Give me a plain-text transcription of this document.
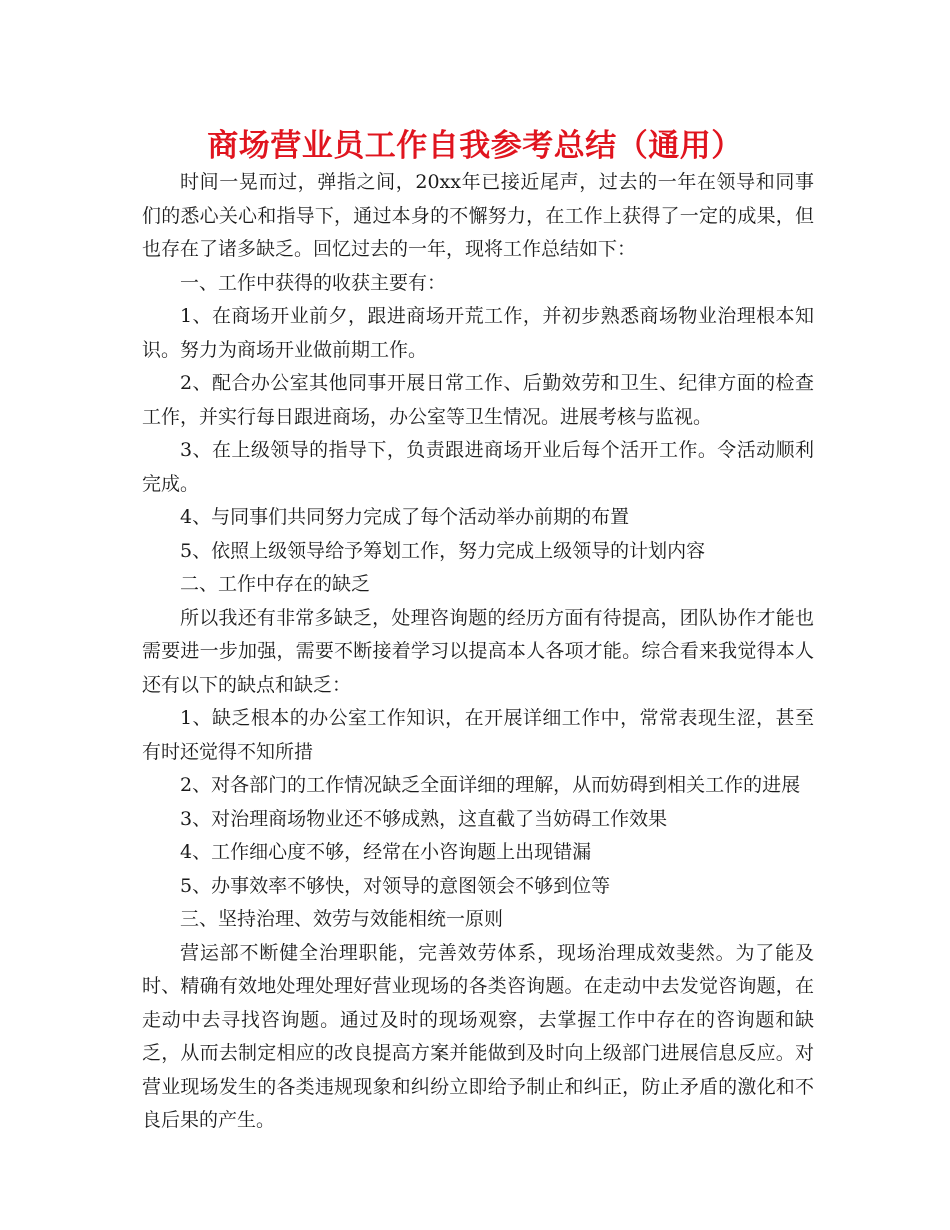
商场营业员工作自我参考总结（通用）

时间一晃而过，弹指之间，20xx年已接近尾声，过去的一年在领导和同事们的悉心关心和指导下，通过本身的不懈努力，在工作上获得了一定的成果，但也存在了诸多缺乏。回忆过去的一年，现将工作总结如下：

一、工作中获得的收获主要有：

1、在商场开业前夕，跟进商场开荒工作，并初步熟悉商场物业治理根本知识。努力为商场开业做前期工作。

2、配合办公室其他同事开展日常工作、后勤效劳和卫生、纪律方面的检查工作，并实行每日跟进商场，办公室等卫生情况。进展考核与监视。

3、在上级领导的指导下，负责跟进商场开业后每个活开工作。令活动顺利完成。

4、与同事们共同努力完成了每个活动举办前期的布置

5、依照上级领导给予筹划工作，努力完成上级领导的计划内容

二、工作中存在的缺乏

所以我还有非常多缺乏，处理咨询题的经历方面有待提高，团队协作才能也需要进一步加强，需要不断接着学习以提高本人各项才能。综合看来我觉得本人还有以下的缺点和缺乏：

1、缺乏根本的办公室工作知识，在开展详细工作中，常常表现生涩，甚至有时还觉得不知所措

2、对各部门的工作情况缺乏全面详细的理解，从而妨碍到相关工作的进展

3、对治理商场物业还不够成熟，这直截了当妨碍工作效果

4、工作细心度不够，经常在小咨询题上出现错漏

5、办事效率不够快，对领导的意图领会不够到位等

三、坚持治理、效劳与效能相统一原则

营运部不断健全治理职能，完善效劳体系，现场治理成效斐然。为了能及时、精确有效地处理处理好营业现场的各类咨询题。在走动中去发觉咨询题，在走动中去寻找咨询题。通过及时的现场观察，去掌握工作中存在的咨询题和缺乏，从而去制定相应的改良提高方案并能做到及时向上级部门进展信息反应。对营业现场发生的各类违规现象和纠纷立即给予制止和纠正，防止矛盾的激化和不良后果的产生。
